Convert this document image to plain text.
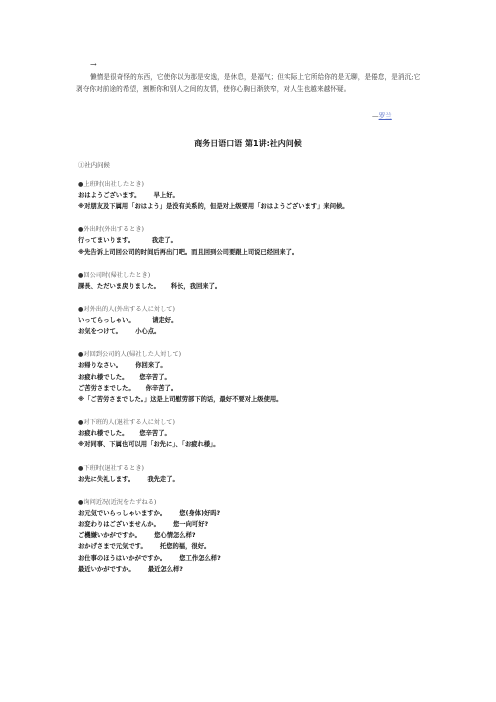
→
懒惰是很奇怪的东西，它使你以为那是安逸，是休息，是福气；但实际上它所给你的是无聊，是倦怠，是消沉;它剥夺你对前途的希望，割断你和别人之间的友情，使你心胸日渐狭窄，对人生也越来越怀疑。
—罗兰
商务日语口语 第1讲:社内问候
①社内问候
●上班时(出社したとき)
おはようございます。      早上好。
※对朋友及下属用「おはよう」是没有关系的，但是对上级要用「おはようございます」来问候。
●外出时(外出するとき)
行ってまいります。        我走了。
※先告诉上司回公司的时间后再出门吧。而且回到公司要跟上司说已经回来了。
●回公司时(帰社したとき)
課長、ただいま戻りました。     科长，我回来了。
●对外出的人(外出する人に対して)
いってらっしゃい。        请走好。
お気をつけて。      小心点。
●对回到公司的人(帰社した人対して)
お帰りなさい。      你回来了。
お疲れ様でした。     您辛苦了。
ご苦労さまでした。     你辛苦了。
※「ご苦労さまでした。」这是上司慰劳部下的话，最好不要对上级使用。
●对下班的人(退社する人に対して)
お疲れ様でした。     您辛苦了。
※对同事、下属也可以用「お先に」、「お疲れ様」。
●下班时(退社するとき)
お先に失礼します。      我先走了。
●询问近况(近況をたずねる)
お元気でいらっしゃいますか。      您(身体)好吗?
お変わりはございませんか。      您一向可好?
ご機嫌いかがですか。      您心情怎么样?
おかげさまで元気です。      托您的福，很好。
お仕事のほうはいかがですか。      您工作怎么样?
最近いかがですか。      最近怎么样?
